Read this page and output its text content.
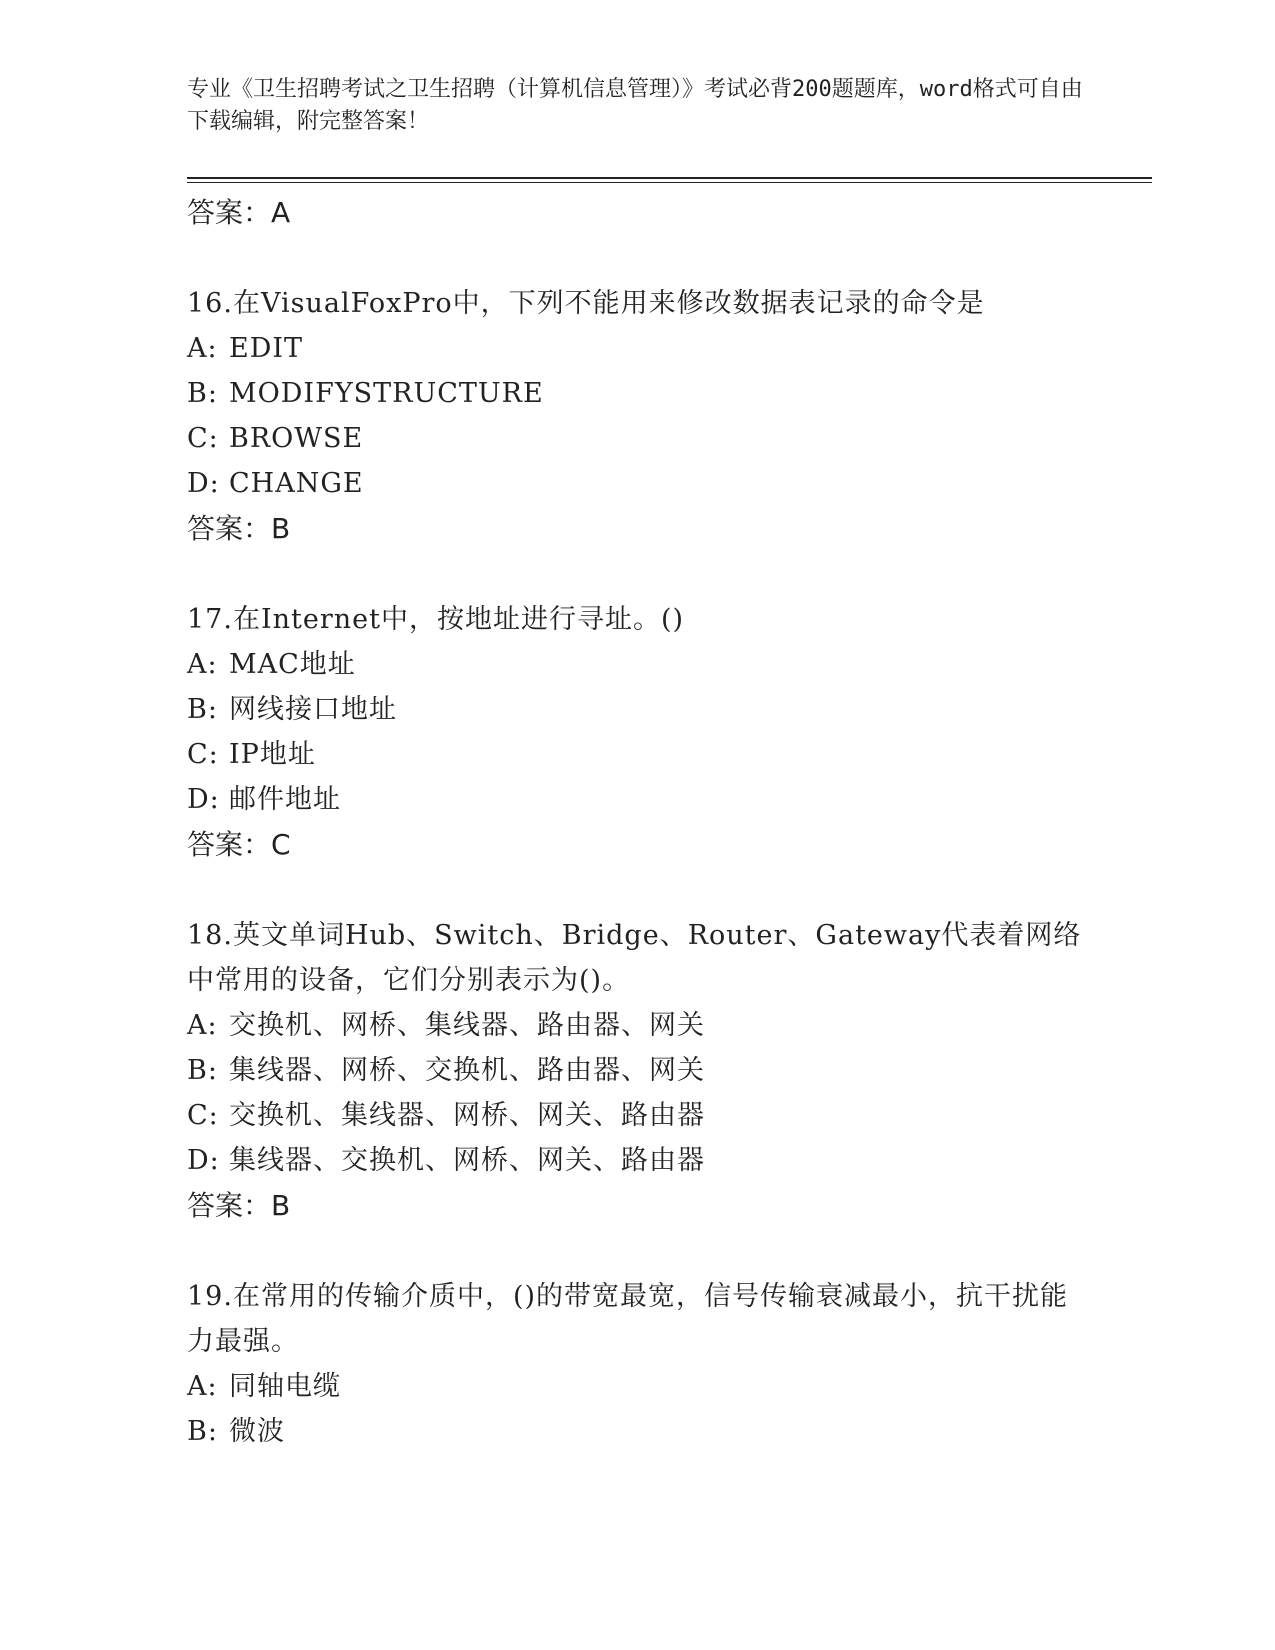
专业《卫生招聘考试之卫生招聘（计算机信息管理）》考试必背200题题库，word格式可自由下载编辑，附完整答案！
答案：A
16.在VisualFoxPro中，下列不能用来修改数据表记录的命令是
A: EDIT
B: MODIFYSTRUCTURE
C: BROWSE
D: CHANGE
答案：B
17.在Internet中，按地址进行寻址。()
A: MAC地址
B: 网线接口地址
C: IP地址
D: 邮件地址
答案：C
18.英文单词Hub、Switch、Bridge、Router、Gateway代表着网络中常用的设备，它们分别表示为()。
A: 交换机、网桥、集线器、路由器、网关
B: 集线器、网桥、交换机、路由器、网关
C: 交换机、集线器、网桥、网关、路由器
D: 集线器、交换机、网桥、网关、路由器
答案：B
19.在常用的传输介质中，()的带宽最宽，信号传输衰减最小，抗干扰能力最强。
A: 同轴电缆
B: 微波
